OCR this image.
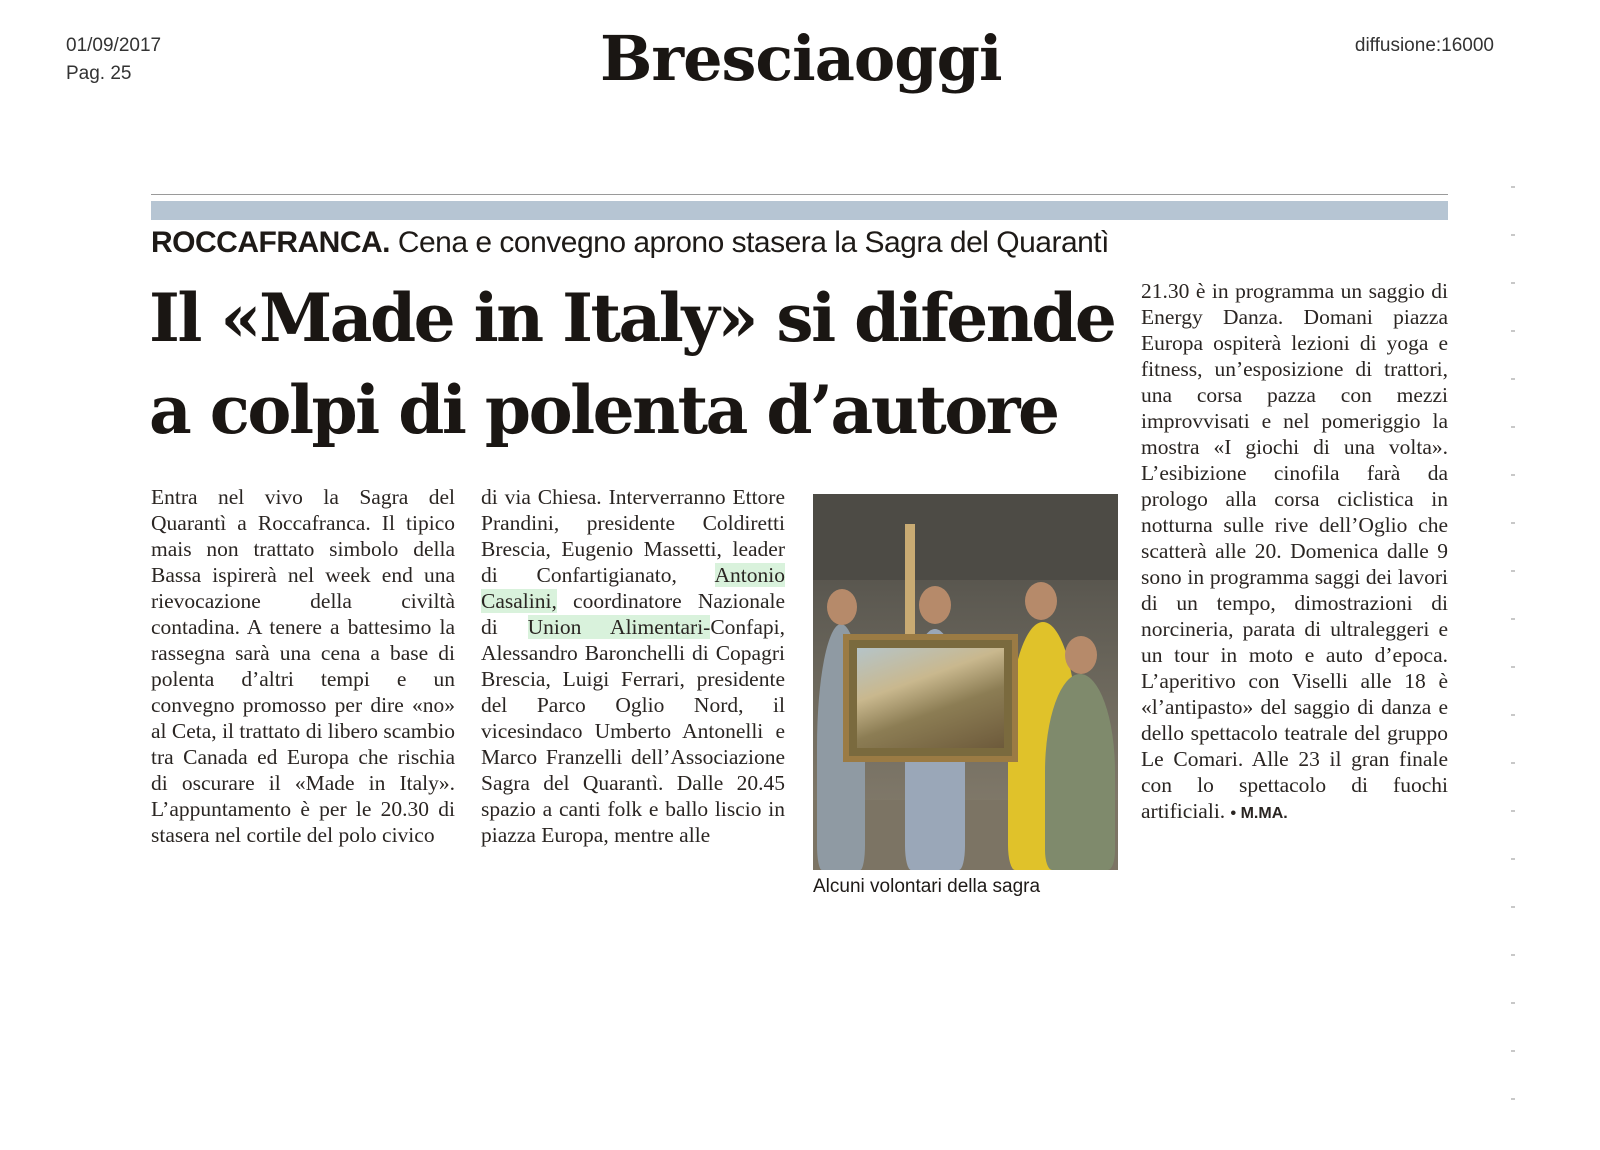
01/09/2017
Pag. 25	Bresciaoggi	diffusione:16000
ROCCAFRANCA. Cena e convegno aprono stasera la Sagra del Quarantì
Il «Made in Italy» si difende
a colpi di polenta d’autore

Entra nel vivo la Sagra del Quarantì a Roccafranca. Il tipico mais non trattato simbolo della Bassa ispirerà nel week end una rievocazione della civiltà contadina. A tenere a battesimo la rassegna sarà una cena a base di polenta d’altri tempi e un convegno promosso per dire «no» al Ceta, il trattato di libero scambio tra Canada ed Europa che rischia di oscurare il «Made in Italy». L’appuntamento è per le 20.30 di stasera nel cortile del polo civico

di via Chiesa. Interverranno Ettore Prandini, presidente Coldiretti Brescia, Eugenio Massetti, leader di Confartigianato, Antonio Casalini, coordinatore Nazionale di Union Alimentari-Confapi, Alessandro Baronchelli di Copagri Brescia, Luigi Ferrari, presidente del Parco Oglio Nord, il vicesindaco Umberto Antonelli e Marco Franzelli dell’Associazione Sagra del Quarantì. Dalle 20.45 spazio a canti folk e ballo liscio in piazza Europa, mentre alle

Alcuni volontari della sagra

21.30 è in programma un saggio di Energy Danza. Domani piazza Europa ospiterà lezioni di yoga e fitness, un’esposizione di trattori, una corsa pazza con mezzi improvvisati e nel pomeriggio la mostra «I giochi di una volta». L’esibizione cinofila farà da prologo alla corsa ciclistica in notturna sulle rive dell’Oglio che scatterà alle 20. Domenica dalle 9 sono in programma saggi dei lavori di un tempo, dimostrazioni di norcineria, parata di ultraleggeri e un tour in moto e auto d’epoca. L’aperitivo con Viselli alle 18 è «l’antipasto» del saggio di danza e dello spettacolo teatrale del gruppo Le Comari. Alle 23 il gran finale con lo spettacolo di fuochi artificiali. • M.MA.
